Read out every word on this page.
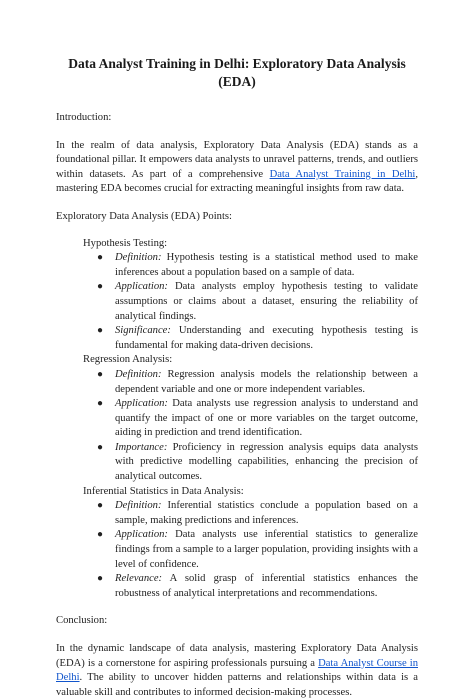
Data Analyst Training in Delhi: Exploratory Data Analysis (EDA)

Introduction:

In the realm of data analysis, Exploratory Data Analysis (EDA) stands as a foundational pillar. It empowers data analysts to unravel patterns, trends, and outliers within datasets. As part of a comprehensive Data Analyst Training in Delhi, mastering EDA becomes crucial for extracting meaningful insights from raw data.

Exploratory Data Analysis (EDA) Points:

Hypothesis Testing:
● Definition: Hypothesis testing is a statistical method used to make inferences about a population based on a sample of data.
● Application: Data analysts employ hypothesis testing to validate assumptions or claims about a dataset, ensuring the reliability of analytical findings.
● Significance: Understanding and executing hypothesis testing is fundamental for making data-driven decisions.
Regression Analysis:
● Definition: Regression analysis models the relationship between a dependent variable and one or more independent variables.
● Application: Data analysts use regression analysis to understand and quantify the impact of one or more variables on the target outcome, aiding in prediction and trend identification.
● Importance: Proficiency in regression analysis equips data analysts with predictive modelling capabilities, enhancing the precision of analytical outcomes.
Inferential Statistics in Data Analysis:
● Definition: Inferential statistics conclude a population based on a sample, making predictions and inferences.
● Application: Data analysts use inferential statistics to generalize findings from a sample to a larger population, providing insights with a level of confidence.
● Relevance: A solid grasp of inferential statistics enhances the robustness of analytical interpretations and recommendations.

Conclusion:

In the dynamic landscape of data analysis, mastering Exploratory Data Analysis (EDA) is a cornerstone for aspiring professionals pursuing a Data Analyst Course in Delhi. The ability to uncover hidden patterns and relationships within data is a valuable skill and contributes to informed decision-making processes.
